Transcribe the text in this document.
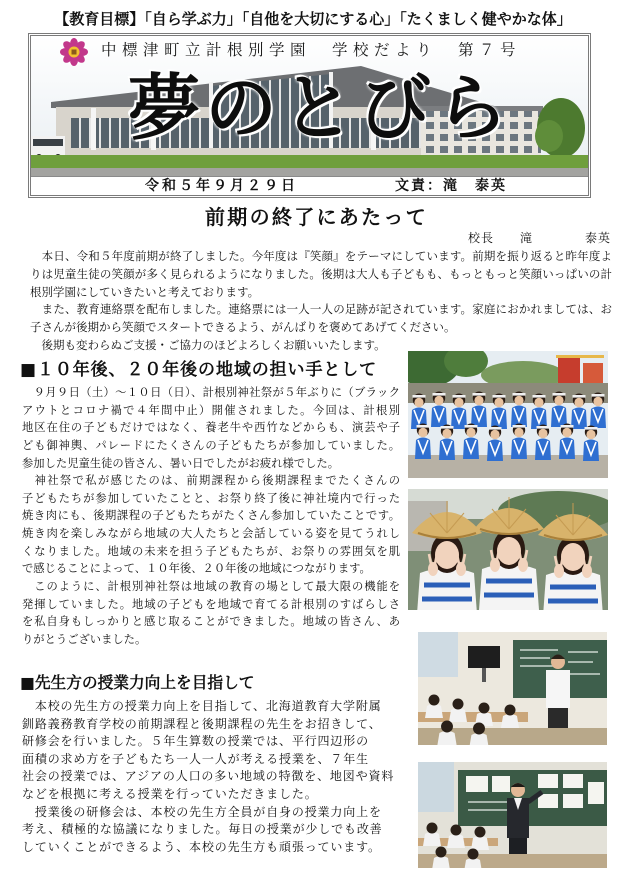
【教育目標】「自ら学ぶ力」「自他を大切にする心」「たくましく健やかな体」
中標津町立計根別学園　学校だより　第７号
夢のとびら
令和５年９月２９日	文責：滝　泰英
前期の終了にあたって
校長　　滝　　　　泰英
　本日、令和５年度前期が終了しました。今年度は『笑顔』をテーマにしています。前期を振り返ると昨年度よ
りは児童生徒の笑顔が多く見られるようになりました。後期は大人も子どもも、もっともっと笑顔いっぱいの計
根別学園にしていきたいと考えております。
　また、教育連絡票を配布しました。連絡票には一人一人の足跡が記されています。家庭におかれましては、お
子さんが後期から笑顔でスタートできるよう、がんばりを褒めてあげてください。
　後期も変わらぬご支援・ご協力のほどよろしくお願いいたします。
■１０年後、２０年後の地域の担い手として
　９月９日（土）～１０日（日）、計根別神社祭が５年ぶりに（ブラック
アウトとコロナ禍で４年間中止）開催されました。今回は、計根別
地区在住の子どもだけではなく、養老牛や西竹などからも、演芸や子
ども御神輿、パレードにたくさんの子どもたちが参加していました。
参加した児童生徒の皆さん、暑い日でしたがお疲れ様でした。
　神社祭で私が感じたのは、前期課程から後期課程までたくさんの
子どもたちが参加していたことと、お祭り終了後に神社境内で行った
焼き肉にも、後期課程の子どもたちがたくさん参加していたことです。
焼き肉を楽しみながら地域の大人たちと会話している姿を見てうれし
くなりました。地域の未来を担う子どもたちが、お祭りの雰囲気を肌
で感じることによって、１０年後、２０年後の地域につながります。
　このように、計根別神社祭は地域の教育の場として最大限の機能を
発揮していました。地域の子どもを地域で育てる計根別のすばらしさ
を私自身もしっかりと感じ取ることができました。地域の皆さん、あ
りがとうございました。
■先生方の授業力向上を目指して
　本校の先生方の授業力向上を目指して、北海道教育大学附属
釧路義務教育学校の前期課程と後期課程の先生をお招きして、
研修会を行いました。５年生算数の授業では、平行四辺形の
面積の求め方を子どもたち一人一人が考える授業を、７年生
社会の授業では、アジアの人口の多い地域の特徴を、地図や資料
などを根拠に考える授業を行っていただきました。
　授業後の研修会は、本校の先生方全員が自身の授業力向上を
考え、積極的な協議になりました。毎日の授業が少しでも改善
していくことができるよう、本校の先生方も頑張っています。
